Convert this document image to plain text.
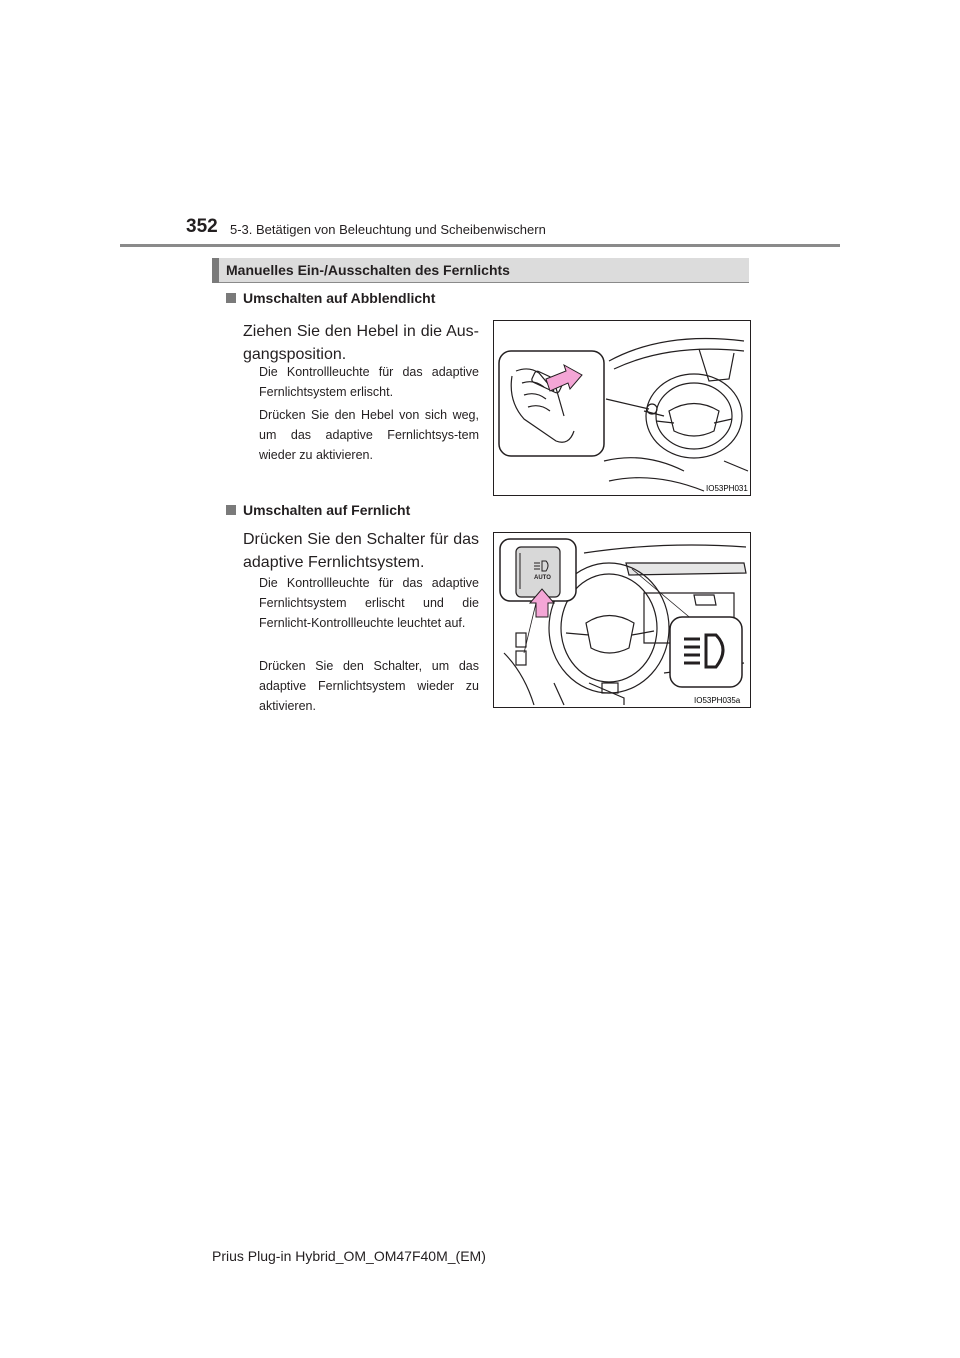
352 5-3. Betätigen von Beleuchtung und Scheibenwischern
Manuelles Ein-/Ausschalten des Fernlichts
Umschalten auf Abblendlicht
Ziehen Sie den Hebel in die Aus-gangsposition.
Die Kontrollleuchte für das adaptive Fernlichtsystem erlischt.
Drücken Sie den Hebel von sich weg, um das adaptive Fernlichtsys-tem wieder zu aktivieren.
IO53PH031
Umschalten auf Fernlicht
Drücken Sie den Schalter für das adaptive Fernlichtsystem.
Die Kontrollleuchte für das adaptive Fernlichtsystem erlischt und die Fernlicht-Kontrollleuchte leuchtet auf.
Drücken Sie den Schalter, um das adaptive Fernlichtsystem wieder zu aktivieren.
AUTO
IO53PH035a
Prius Plug-in Hybrid_OM_OM47F40M_(EM)
